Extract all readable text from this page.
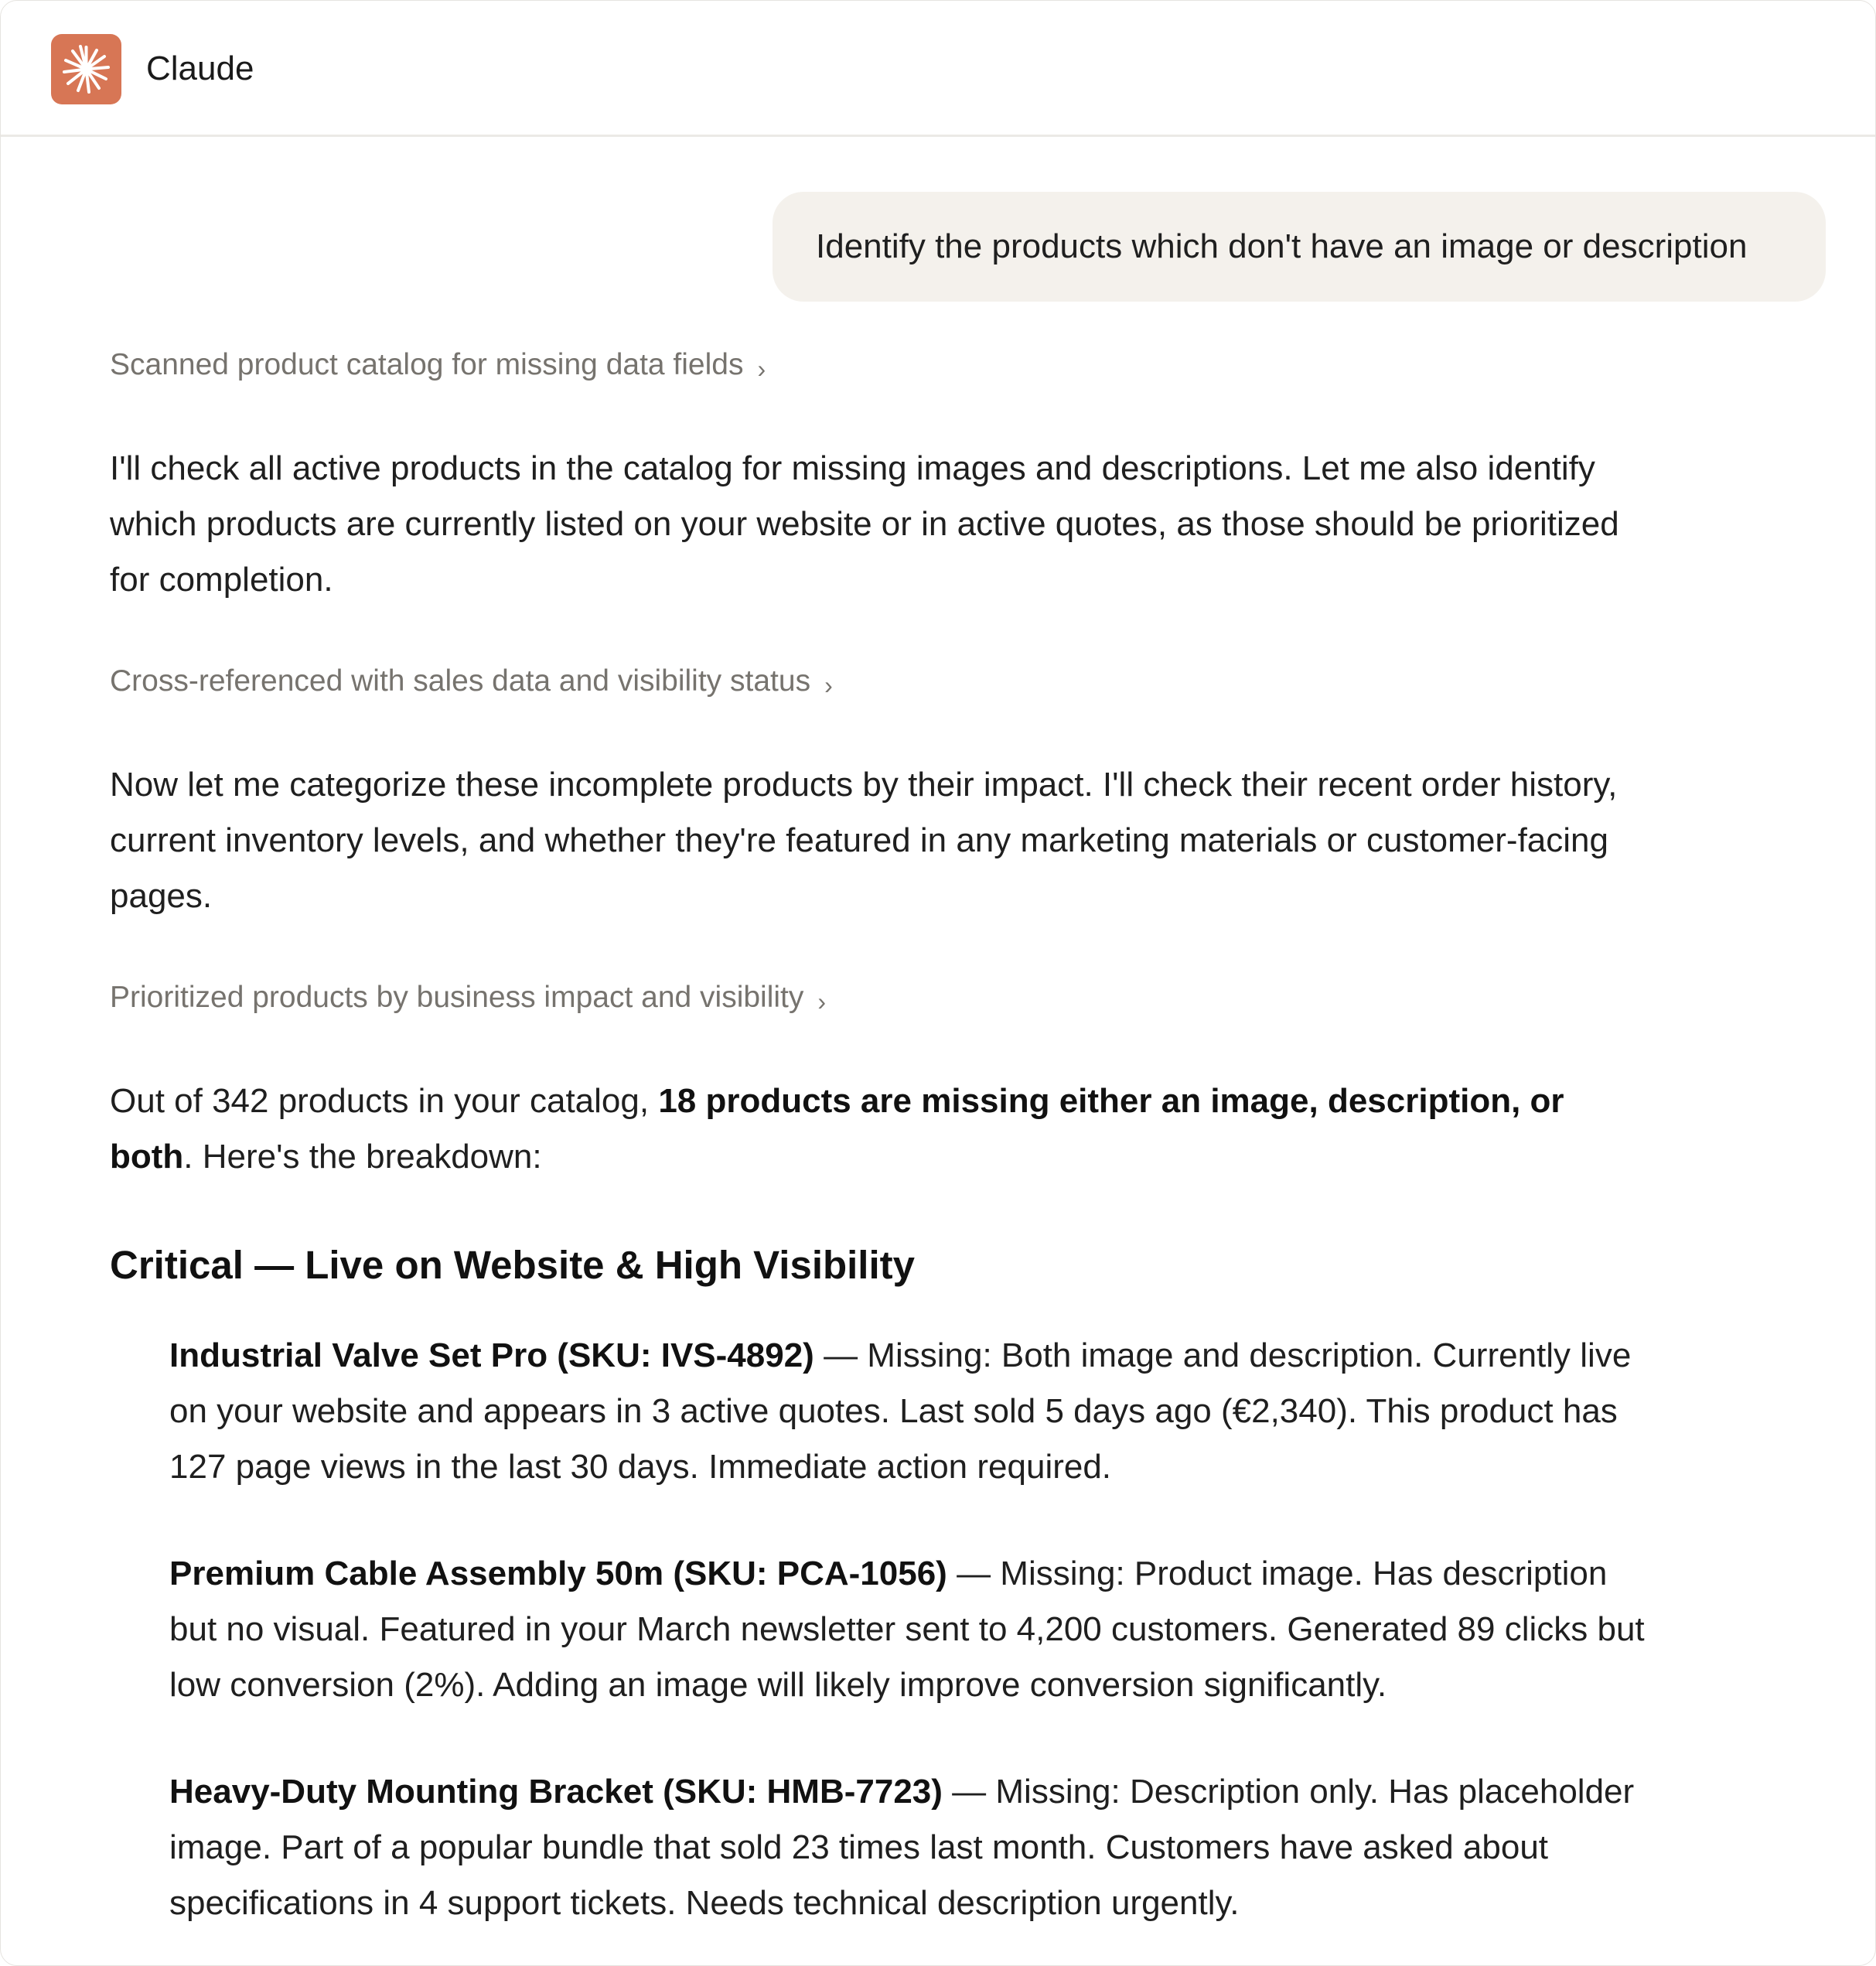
Claude
Identify the products which don't have an image or description
Scanned product catalog for missing data fields ›
I'll check all active products in the catalog for missing images and descriptions. Let me also identify which products are currently listed on your website or in active quotes, as those should be prioritized for completion.
Cross-referenced with sales data and visibility status ›
Now let me categorize these incomplete products by their impact. I'll check their recent order history, current inventory levels, and whether they're featured in any marketing materials or customer-facing pages.
Prioritized products by business impact and visibility ›
Out of 342 products in your catalog, 18 products are missing either an image, description, or both. Here's the breakdown:
Critical — Live on Website & High Visibility
Industrial Valve Set Pro (SKU: IVS-4892) — Missing: Both image and description. Currently live on your website and appears in 3 active quotes. Last sold 5 days ago (€2,340). This product has 127 page views in the last 30 days. Immediate action required.
Premium Cable Assembly 50m (SKU: PCA-1056) — Missing: Product image. Has description but no visual. Featured in your March newsletter sent to 4,200 customers. Generated 89 clicks but low conversion (2%). Adding an image will likely improve conversion significantly.
Heavy-Duty Mounting Bracket (SKU: HMB-7723) — Missing: Description only. Has placeholder image. Part of a popular bundle that sold 23 times last month. Customers have asked about specifications in 4 support tickets. Needs technical description urgently.
